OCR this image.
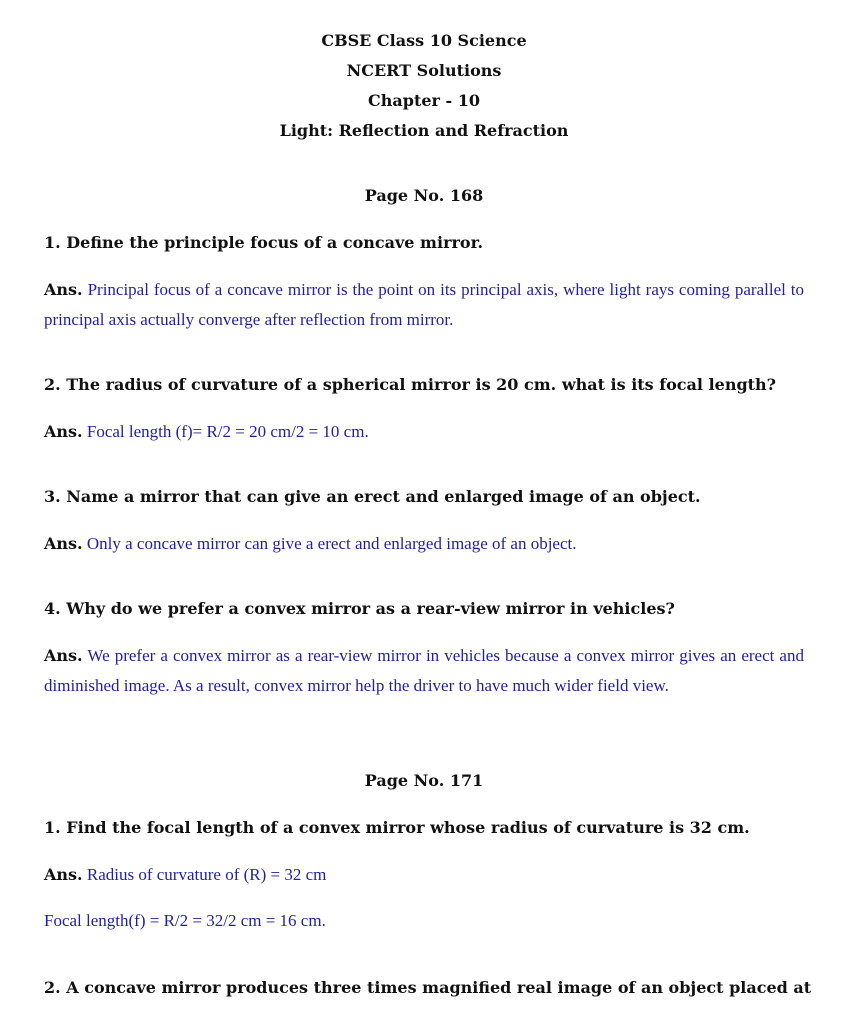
CBSE Class 10 Science
NCERT Solutions
Chapter - 10
Light: Reflection and Refraction
Page No. 168
1. Define the principle focus of a concave mirror.
Ans. Principal focus of a concave mirror is the point on its principal axis, where light rays coming parallel to principal axis actually converge after reflection from mirror.
2. The radius of curvature of a spherical mirror is 20 cm. what is its focal length?
Ans. Focal length (f)= R/2 = 20 cm/2 = 10 cm.
3. Name a mirror that can give an erect and enlarged image of an object.
Ans. Only a concave mirror can give a erect and enlarged image of an object.
4. Why do we prefer a convex mirror as a rear-view mirror in vehicles?
Ans. We prefer a convex mirror as a rear-view mirror in vehicles because a convex mirror gives an erect and diminished image. As a result, convex mirror help the driver to have much wider field view.
Page No. 171
1. Find the focal length of a convex mirror whose radius of curvature is 32 cm.
Ans. Radius of curvature of (R) = 32 cm
Focal length(f) = R/2 = 32/2 cm = 16 cm.
2. A concave mirror produces three times magnified real image of an object placed at
